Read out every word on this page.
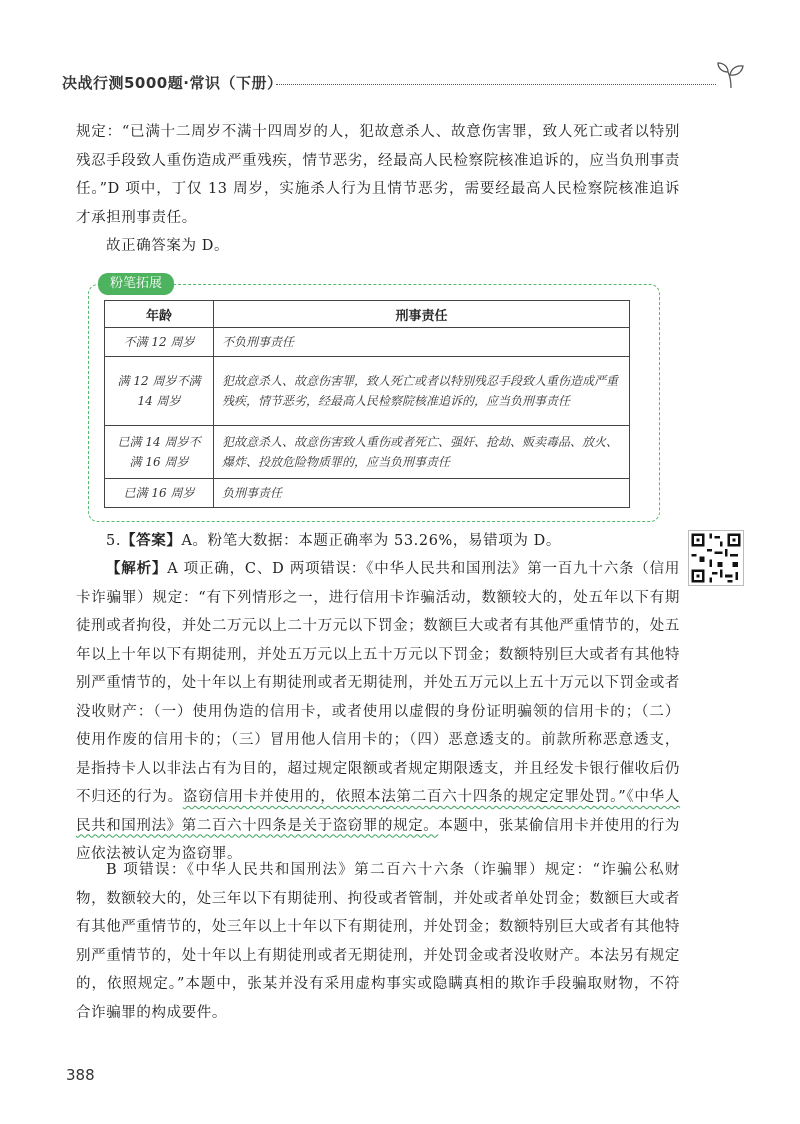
决战行测5000题·常识（下册）

规定：“已满十二周岁不满十四周岁的人，犯故意杀人、故意伤害罪，致人死亡或者以特别残忍手段致人重伤造成严重残疾，情节恶劣，经最高人民检察院核准追诉的，应当负刑事责任。”D 项中，丁仅 13 周岁，实施杀人行为且情节恶劣，需要经最高人民检察院核准追诉才承担刑事责任。

故正确答案为 D。

粉笔拓展
年龄	刑事责任
不满 12 周岁	不负刑事责任
满 12 周岁不满 14 周岁	犯故意杀人、故意伤害罪，致人死亡或者以特别残忍手段致人重伤造成严重残疾，情节恶劣，经最高人民检察院核准追诉的，应当负刑事责任
已满 14 周岁不满 16 周岁	犯故意杀人、故意伤害致人重伤或者死亡、强奸、抢劫、贩卖毒品、放火、爆炸、投放危险物质罪的，应当负刑事责任
已满 16 周岁	负刑事责任

5.【答案】A。粉笔大数据：本题正确率为 53.26%，易错项为 D。

【解析】A 项正确，C、D 两项错误：《中华人民共和国刑法》第一百九十六条（信用卡诈骗罪）规定：“有下列情形之一，进行信用卡诈骗活动，数额较大的，处五年以下有期徒刑或者拘役，并处二万元以上二十万元以下罚金；数额巨大或者有其他严重情节的，处五年以上十年以下有期徒刑，并处五万元以上五十万元以下罚金；数额特别巨大或者有其他特别严重情节的，处十年以上有期徒刑或者无期徒刑，并处五万元以上五十万元以下罚金或者没收财产：（一）使用伪造的信用卡，或者使用以虚假的身份证明骗领的信用卡的；（二）使用作废的信用卡的；（三）冒用他人信用卡的；（四）恶意透支的。前款所称恶意透支，是指持卡人以非法占有为目的，超过规定限额或者规定期限透支，并且经发卡银行催收后仍不归还的行为。盗窃信用卡并使用的，依照本法第二百六十四条的规定定罪处罚。”《中华人民共和国刑法》第二百六十四条是关于盗窃罪的规定。本题中，张某偷信用卡并使用的行为应依法被认定为盗窃罪。

B 项错误：《中华人民共和国刑法》第二百六十六条（诈骗罪）规定：“诈骗公私财物，数额较大的，处三年以下有期徒刑、拘役或者管制，并处或者单处罚金；数额巨大或者有其他严重情节的，处三年以上十年以下有期徒刑，并处罚金；数额特别巨大或者有其他特别严重情节的，处十年以上有期徒刑或者无期徒刑，并处罚金或者没收财产。本法另有规定的，依照规定。”本题中，张某并没有采用虚构事实或隐瞒真相的欺诈手段骗取财物，不符合诈骗罪的构成要件。

388
